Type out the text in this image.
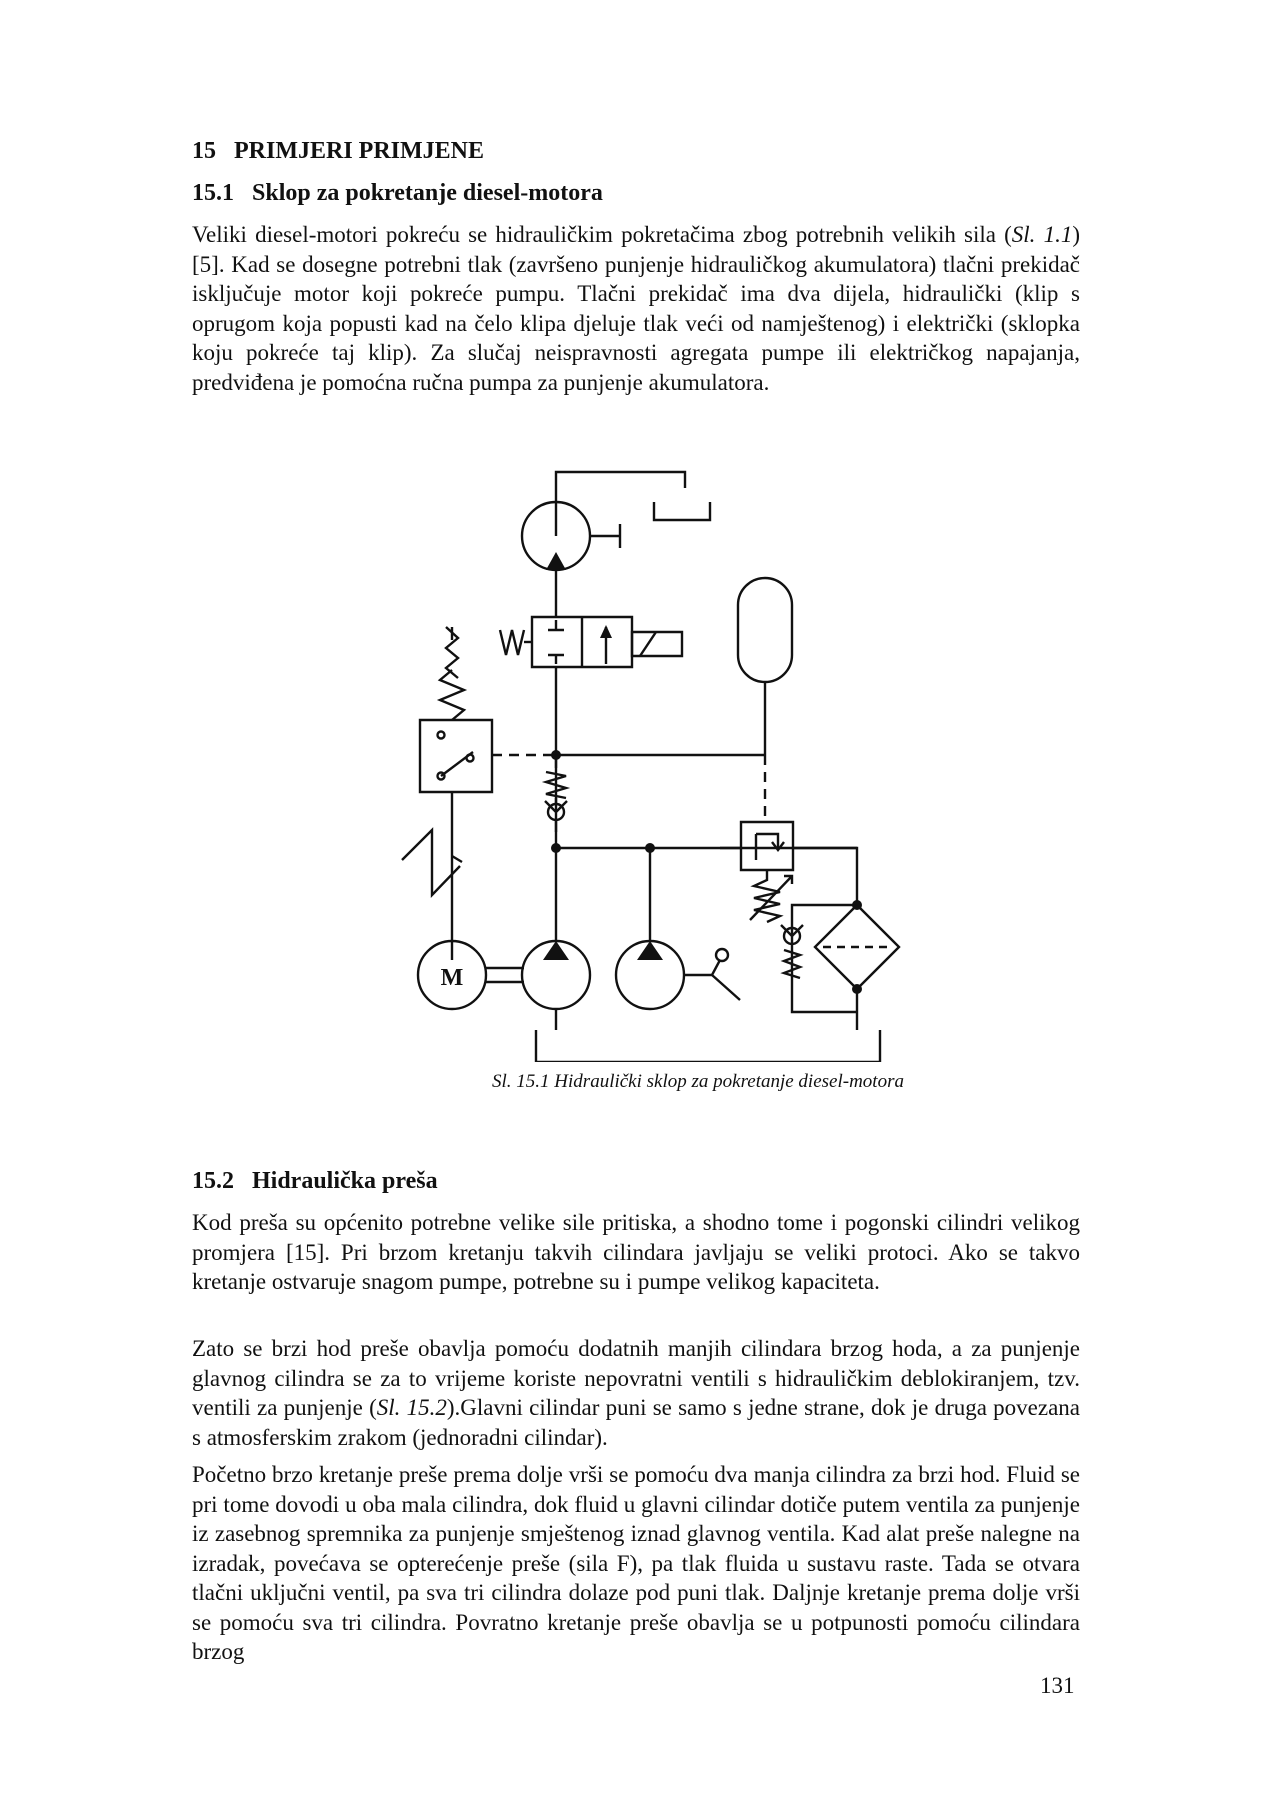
15 PRIMJERI PRIMJENE
15.1 Sklop za pokretanje diesel-motora

Veliki diesel-motori pokreću se hidrauličkim pokretačima zbog potrebnih velikih sila (Sl. 1.1) [5]. Kad se dosegne potrebni tlak (završeno punjenje hidrauličkog akumulatora) tlačni prekidač isključuje motor koji pokreće pumpu. Tlačni prekidač ima dva dijela, hidraulički (klip s oprugom koja popusti kad na čelo klipa djeluje tlak veći od namještenog) i električki (sklopka koju pokreće taj klip). Za slučaj neispravnosti agregata pumpe ili električkog napajanja, predviđena je pomoćna ručna pumpa za punjenje akumulatora.

M

Sl. 15.1 Hidraulički sklop za pokretanje diesel-motora

15.2 Hidraulička preša

Kod preša su općenito potrebne velike sile pritiska, a shodno tome i pogonski cilindri velikog promjera [15]. Pri brzom kretanju takvih cilindara javljaju se veliki protoci. Ako se takvo kretanje ostvaruje snagom pumpe, potrebne su i pumpe velikog kapaciteta.

Zato se brzi hod preše obavlja pomoću dodatnih manjih cilindara brzog hoda, a za punjenje glavnog cilindra se za to vrijeme koriste nepovratni ventili s hidrauličkim deblokiranjem, tzv. ventili za punjenje (Sl. 15.2).Glavni cilindar puni se samo s jedne strane, dok je druga povezana s atmosferskim zrakom (jednoradni cilindar).

Početno brzo kretanje preše prema dolje vrši se pomoću dva manja cilindra za brzi hod. Fluid se pri tome dovodi u oba mala cilindra, dok fluid u glavni cilindar dotiče putem ventila za punjenje iz zasebnog spremnika za punjenje smještenog iznad glavnog ventila. Kad alat preše nalegne na izradak, povećava se opterećenje preše (sila F), pa tlak fluida u sustavu raste. Tada se otvara tlačni uključni ventil, pa sva tri cilindra dolaze pod puni tlak. Daljnje kretanje prema dolje vrši se pomoću sva tri cilindra. Povratno kretanje preše obavlja se u potpunosti pomoću cilindara brzog

131
